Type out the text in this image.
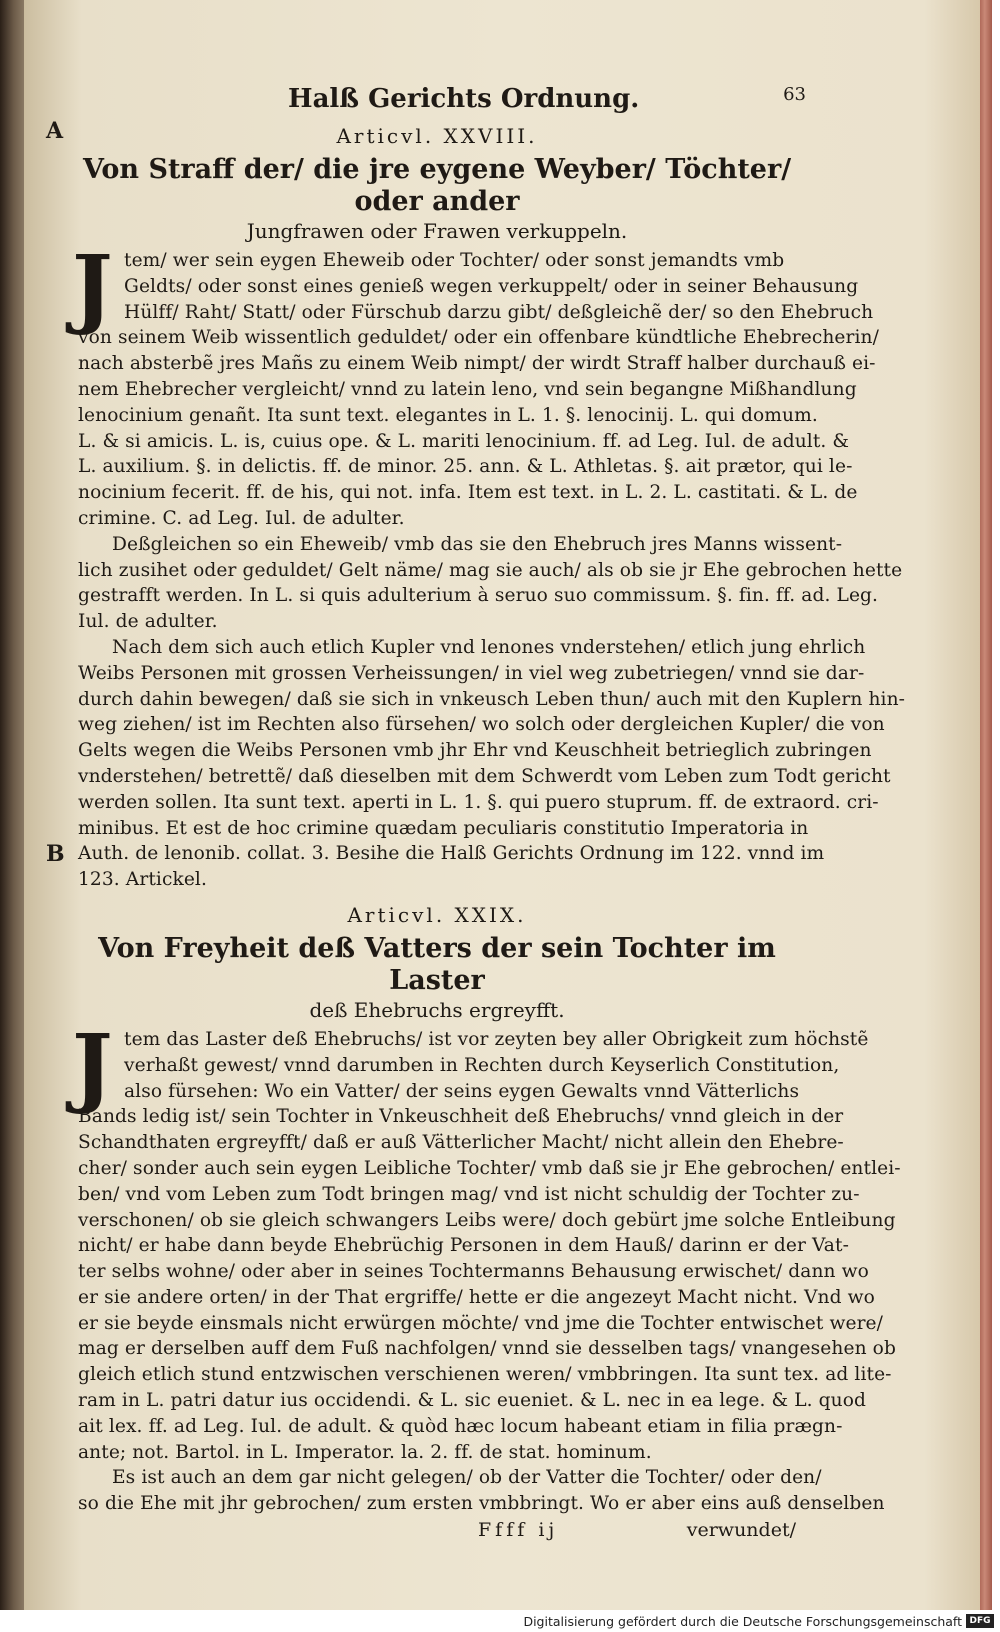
Halß Gerichts Ordnung.	63
A	Articvl. XXVIII.
Von Straff der/ die jre eygene Weyber/ Töchter/ oder ander
Jungfrawen oder Frawen verkuppeln.
J tem/ wer sein eygen Eheweib oder Tochter/ oder sonst jemandts vmb
Geldts/ oder sonst eines genieß wegen verkuppelt/ oder in seiner Behausung
Hülff/ Raht/ Statt/ oder Fürschub darzu gibt/ deßgleichẽ der/ so den Ehebruch
von seinem Weib wissentlich geduldet/ oder ein offenbare kündtliche Ehebrecherin/
nach absterbẽ jres Mañs zu einem Weib nimpt/ der wirdt Straff halber durchauß ei-
nem Ehebrecher vergleicht/ vnnd zu latein leno, vnd sein begangne Mißhandlung
lenocinium genañt. Ita sunt text. elegantes in L. 1. §. lenocinij. L. qui domum.
L. & si amicis. L. is, cuius ope. & L. mariti lenocinium. ff. ad Leg. Iul. de adult. &
L. auxilium. §. in delictis. ff. de minor. 25. ann. & L. Athletas. §. ait prætor, qui le-
nocinium fecerit. ff. de his, qui not. infa. Item est text. in L. 2. L. castitati. & L. de
crimine. C. ad Leg. Iul. de adulter.

Deßgleichen so ein Eheweib/ vmb das sie den Ehebruch jres Manns wissent-
lich zusihet oder geduldet/ Gelt näme/ mag sie auch/ als ob sie jr Ehe gebrochen hette
gestrafft werden. In L. si quis adulterium à seruo suo commissum. §. fin. ff. ad. Leg.
Iul. de adulter.

B

Nach dem sich auch etlich Kupler vnd lenones vnderstehen/ etlich jung ehrlich
Weibs Personen mit grossen Verheissungen/ in viel weg zubetriegen/ vnnd sie dar-
durch dahin bewegen/ daß sie sich in vnkeusch Leben thun/ auch mit den Kuplern hin-
weg ziehen/ ist im Rechten also fürsehen/ wo solch oder dergleichen Kupler/ die von
Gelts wegen die Weibs Personen vmb jhr Ehr vnd Keuschheit betrieglich zubringen
vnderstehen/ betrettẽ/ daß dieselben mit dem Schwerdt vom Leben zum Todt gericht
werden sollen. Ita sunt text. aperti in L. 1. §. qui puero stuprum. ff. de extraord. cri-
minibus. Et est de hoc crimine quædam peculiaris constitutio Imperatoria in
Auth. de lenonib. collat. 3. Besihe die Halß Gerichts Ordnung im 122. vnnd im
123. Artickel.

Articvl. XXIX.
Von Freyheit deß Vatters der sein Tochter im Laster
deß Ehebruchs ergreyfft.
J tem das Laster deß Ehebruchs/ ist vor zeyten bey aller Obrigkeit zum höchstẽ
verhaßt gewest/ vnnd darumben in Rechten durch Keyserlich Constitution,
also fürsehen: Wo ein Vatter/ der seins eygen Gewalts vnnd Vätterlichs
Bands ledig ist/ sein Tochter in Vnkeuschheit deß Ehebruchs/ vnnd gleich in der
Schandthaten ergreyfft/ daß er auß Vätterlicher Macht/ nicht allein den Ehebre-
cher/ sonder auch sein eygen Leibliche Tochter/ vmb daß sie jr Ehe gebrochen/ entlei-
ben/ vnd vom Leben zum Todt bringen mag/ vnd ist nicht schuldig der Tochter zu-
verschonen/ ob sie gleich schwangers Leibs were/ doch gebürt jme solche Entleibung
nicht/ er habe dann beyde Ehebrüchig Personen in dem Hauß/ darinn er der Vat-
ter selbs wohne/ oder aber in seines Tochtermanns Behausung erwischet/ dann wo
er sie andere orten/ in der That ergriffe/ hette er die angezeyt Macht nicht. Vnd wo
er sie beyde einsmals nicht erwürgen möchte/ vnd jme die Tochter entwischet were/
mag er derselben auff dem Fuß nachfolgen/ vnnd sie desselben tags/ vnangesehen ob
gleich etlich stund entzwischen verschienen weren/ vmbbringen. Ita sunt tex. ad lite-
ram in L. patri datur ius occidendi. & L. sic eueniet. & L. nec in ea lege. & L. quod
ait lex. ff. ad Leg. Iul. de adult. & quòd hæc locum habeant etiam in filia prægn-
ante; not. Bartol. in L. Imperator. la. 2. ff. de stat. hominum.

Es ist auch an dem gar nicht gelegen/ ob der Vatter die Tochter/ oder den/
so die Ehe mit jhr gebrochen/ zum ersten vmbbringt. Wo er aber eins auß denselben

Ffff ij	verwundet/
Digitalisierung gefördert durch die Deutsche Forschungsgemeinschaft DFG
